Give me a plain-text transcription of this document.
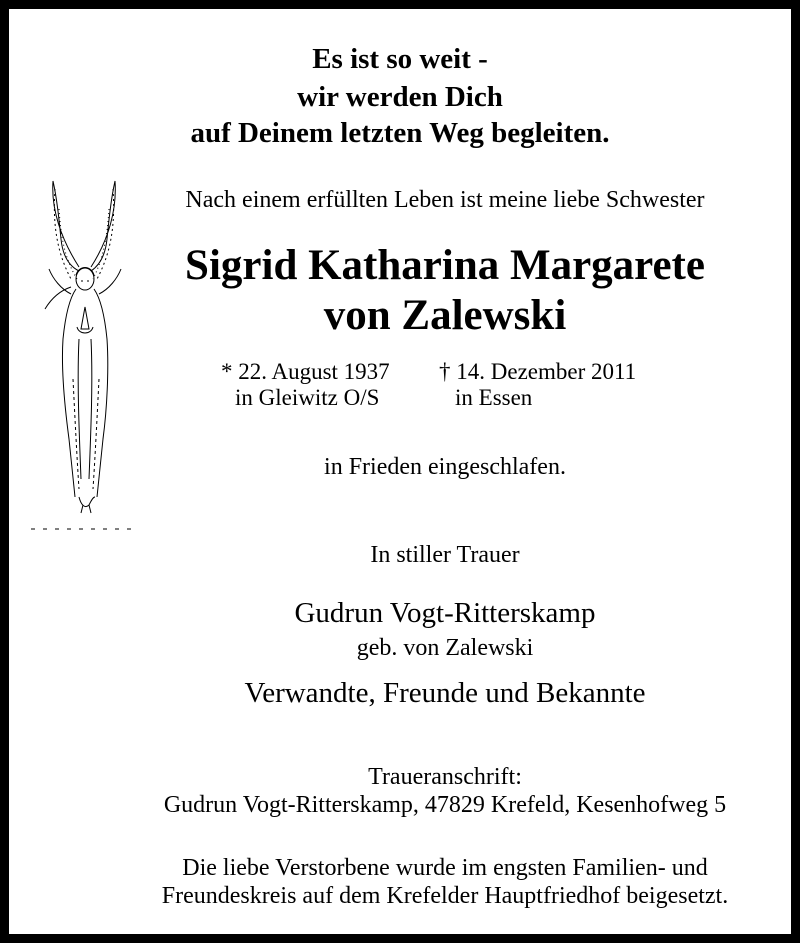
Es ist so weit -
wir werden Dich
auf Deinem letzten Weg begleiten.
Nach einem erfüllten Leben ist meine liebe Schwester
Sigrid Katharina Margarete
von Zalewski
* 22. August 1937
in Gleiwitz O/S
† 14. Dezember 2011
in Essen
in Frieden eingeschlafen.
In stiller Trauer
Gudrun Vogt-Ritterskamp
geb. von Zalewski
Verwandte, Freunde und Bekannte
Traueranschrift:
Gudrun Vogt-Ritterskamp, 47829 Krefeld, Kesenhofweg 5
Die liebe Verstorbene wurde im engsten Familien- und
Freundeskreis auf dem Krefelder Hauptfriedhof beigesetzt.
